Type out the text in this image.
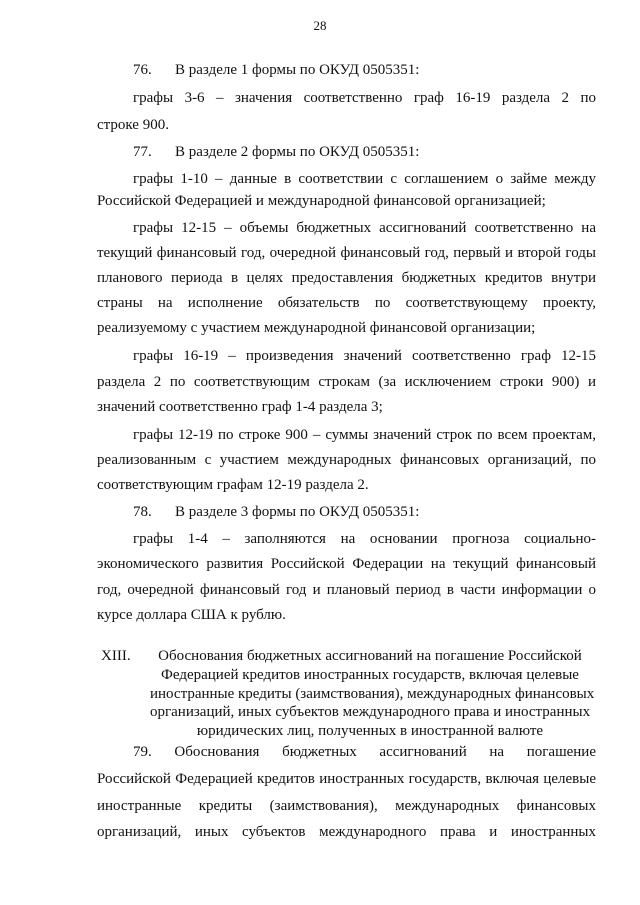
28
76. В разделе 1 формы по ОКУД 0505351:
графы 3-6 – значения соответственно граф 16-19 раздела 2 по
строке 900.
77. В разделе 2 формы по ОКУД 0505351:
графы 1-10 – данные в соответствии с соглашением о займе между
Российской Федерацией и международной финансовой организацией;
графы 12-15 – объемы бюджетных ассигнований соответственно на
текущий финансовый год, очередной финансовый год, первый и второй годы
планового периода в целях предоставления бюджетных кредитов внутри
страны на исполнение обязательств по соответствующему проекту,
реализуемому с участием международной финансовой организации;
графы 16-19 – произведения значений соответственно граф 12-15
раздела 2 по соответствующим строкам (за исключением строки 900) и
значений соответственно граф 1-4 раздела 3;
графы 12-19 по строке 900 – суммы значений строк по всем проектам,
реализованным с участием международных финансовых организаций, по
соответствующим графам 12-19 раздела 2.
78. В разделе 3 формы по ОКУД 0505351:
графы 1-4 – заполняются на основании прогноза социально-
экономического развития Российской Федерации на текущий финансовый
год, очередной финансовый год и плановый период в части информации о
курсе доллара США к рублю.
XIII.	Обоснования бюджетных ассигнований на погашение Российской
Федерацией кредитов иностранных государств, включая целевые
иностранные кредиты (заимствования), международных финансовых
организаций, иных субъектов международного права и иностранных
юридических лиц, полученных в иностранной валюте
79. Обоснования бюджетных ассигнований на погашение
Российской Федерацией кредитов иностранных государств, включая целевые
иностранные кредиты (заимствования), международных финансовых
организаций, иных субъектов международного права и иностранных
